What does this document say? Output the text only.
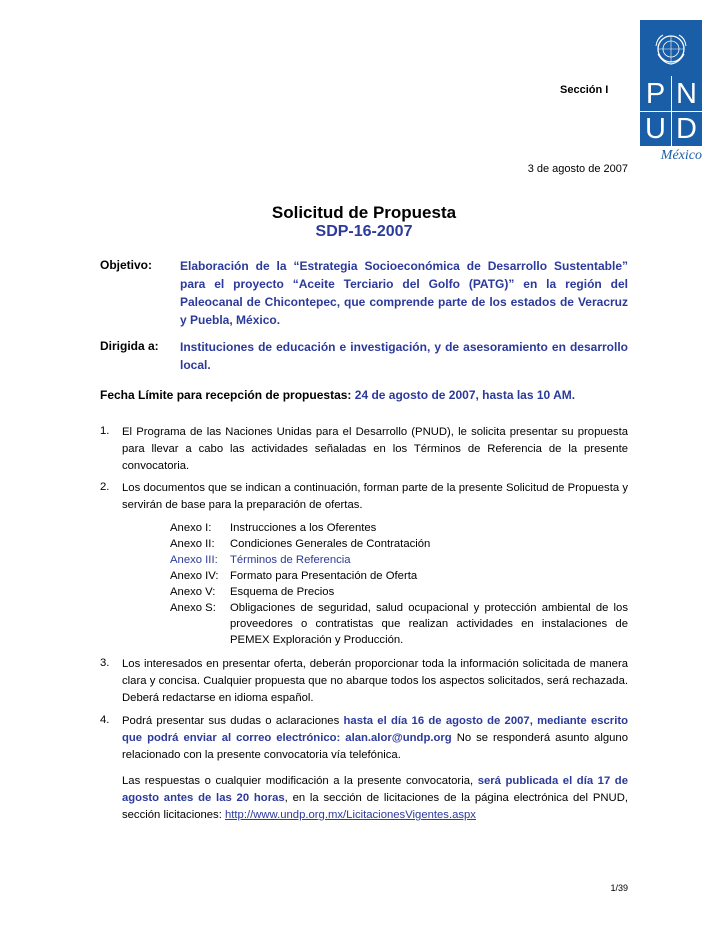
P N
U D
México
Sección I
3 de agosto de 2007
Solicitud de Propuesta
SDP-16-2007
Objetivo: Elaboración de la “Estrategia Socioeconómica de Desarrollo Sustentable” para el proyecto “Aceite Terciario del Golfo (PATG)” en la región del Paleocanal de Chicontepec, que comprende parte de los estados de Veracruz y Puebla, México.
Dirigida a: Instituciones de educación e investigación, y de asesoramiento en desarrollo local.
Fecha Límite para recepción de propuestas: 24 de agosto de 2007, hasta las 10 AM.
1. El Programa de las Naciones Unidas para el Desarrollo (PNUD), le solicita presentar su propuesta para llevar a cabo las actividades señaladas en los Términos de Referencia de la presente convocatoria.
2. Los documentos que se indican a continuación, forman parte de la presente Solicitud de Propuesta y servirán de base para la preparación de ofertas.
Anexo I:	Instrucciones a los Oferentes
Anexo II:	Condiciones Generales de Contratación
Anexo III:	Términos de Referencia
Anexo IV:	Formato para Presentación de Oferta
Anexo V:	Esquema de Precios
Anexo S:	Obligaciones de seguridad, salud ocupacional y protección ambiental de los proveedores o contratistas que realizan actividades en instalaciones de PEMEX Exploración y Producción.
3. Los interesados en presentar oferta, deberán proporcionar toda la información solicitada de manera clara y concisa. Cualquier propuesta que no abarque todos los aspectos solicitados, será rechazada. Deberá redactarse en idioma español.
4. Podrá presentar sus dudas o aclaraciones hasta el día 16 de agosto de 2007, mediante escrito que podrá enviar al correo electrónico: alan.alor@undp.org No se responderá asunto alguno relacionado con la presente convocatoria vía telefónica.
Las respuestas o cualquier modificación a la presente convocatoria, será publicada el día 17 de agosto antes de las 20 horas, en la sección de licitaciones de la página electrónica del PNUD, sección licitaciones: http://www.undp.org.mx/LicitacionesVigentes.aspx
1/39
